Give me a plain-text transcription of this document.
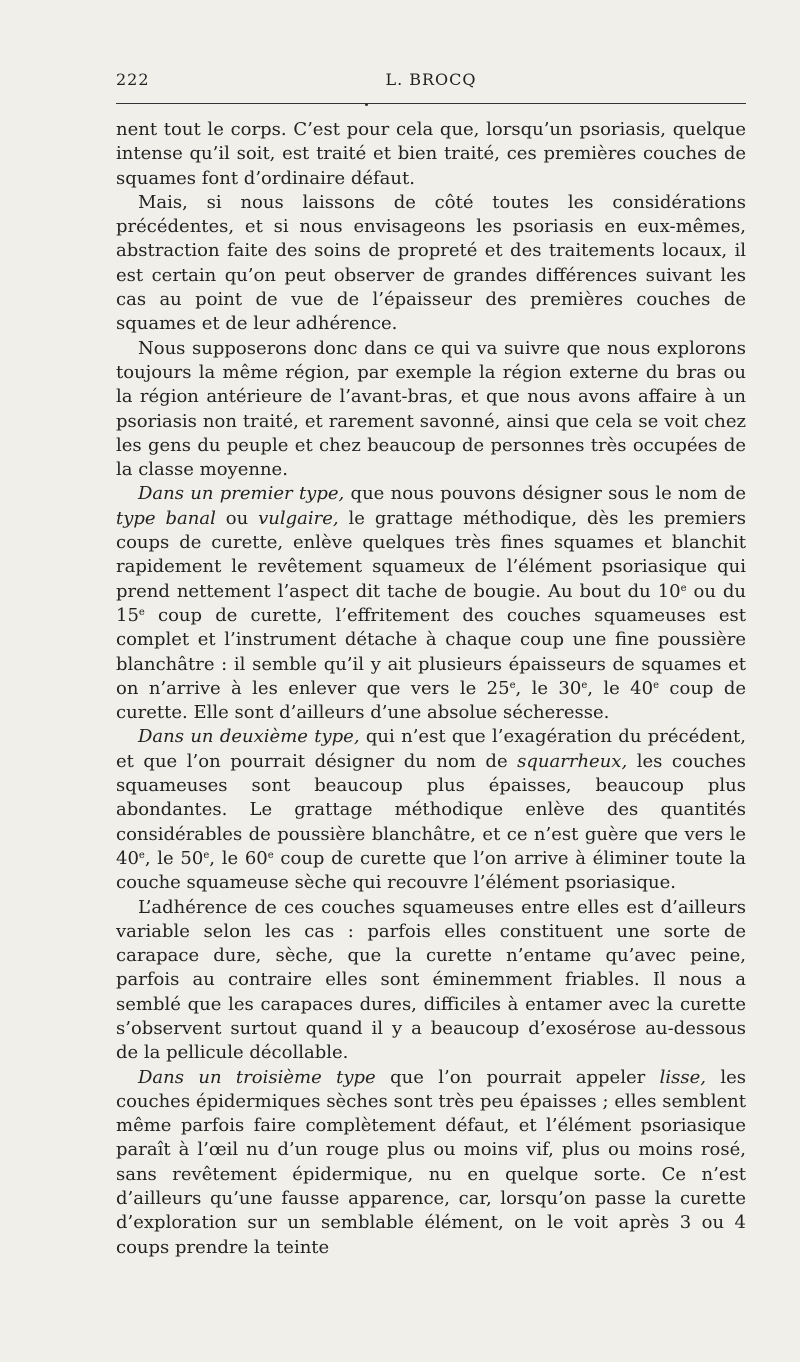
222	L. BROCQ

nent tout le corps. C’est pour cela que, lorsqu’un psoriasis, quelque intense qu’il soit, est traité et bien traité, ces premières couches de squames font d’ordinaire défaut.

Mais, si nous laissons de côté toutes les considérations précédentes, et si nous envisageons les psoriasis en eux-mêmes, abstraction faite des soins de propreté et des traitements locaux, il est certain qu’on peut observer de grandes différences suivant les cas au point de vue de l’épaisseur des premières couches de squames et de leur adhérence.

Nous supposerons donc dans ce qui va suivre que nous explorons toujours la même région, par exemple la région externe du bras ou la région antérieure de l’avant-bras, et que nous avons affaire à un psoriasis non traité, et rarement savonné, ainsi que cela se voit chez les gens du peuple et chez beaucoup de personnes très occupées de la classe moyenne.

Dans un premier type, que nous pouvons désigner sous le nom de type banal ou vulgaire, le grattage méthodique, dès les premiers coups de curette, enlève quelques très fines squames et blanchit rapidement le revêtement squameux de l’élément psoriasique qui prend nettement l’aspect dit tache de bougie. Au bout du 10e ou du 15e coup de curette, l’effritement des couches squameuses est complet et l’instrument détache à chaque coup une fine poussière blanchâtre : il semble qu’il y ait plusieurs épaisseurs de squames et on n’arrive à les enlever que vers le 25e, le 30e, le 40e coup de curette. Elle sont d’ailleurs d’une absolue sécheresse.

Dans un deuxième type, qui n’est que l’exagération du précédent, et que l’on pourrait désigner du nom de squarrheux, les couches squameuses sont beaucoup plus épaisses, beaucoup plus abondantes. Le grattage méthodique enlève des quantités considérables de poussière blanchâtre, et ce n’est guère que vers le 40e, le 50e, le 60e coup de curette que l’on arrive à éliminer toute la couche squameuse sèche qui recouvre l’élément psoriasique.

L’adhérence de ces couches squameuses entre elles est d’ailleurs variable selon les cas : parfois elles constituent une sorte de carapace dure, sèche, que la curette n’entame qu’avec peine, parfois au contraire elles sont éminemment friables. Il nous a semblé que les carapaces dures, difficiles à entamer avec la curette s’observent surtout quand il y a beaucoup d’exosérose au-dessous de la pellicule décollable.

Dans un troisième type que l’on pourrait appeler lisse, les couches épidermiques sèches sont très peu épaisses ; elles semblent même parfois faire complètement défaut, et l’élément psoriasique paraît à l’œil nu d’un rouge plus ou moins vif, plus ou moins rosé, sans revêtement épidermique, nu en quelque sorte. Ce n’est d’ailleurs qu’une fausse apparence, car, lorsqu’on passe la curette d’exploration sur un semblable élément, on le voit après 3 ou 4 coups prendre la teinte
